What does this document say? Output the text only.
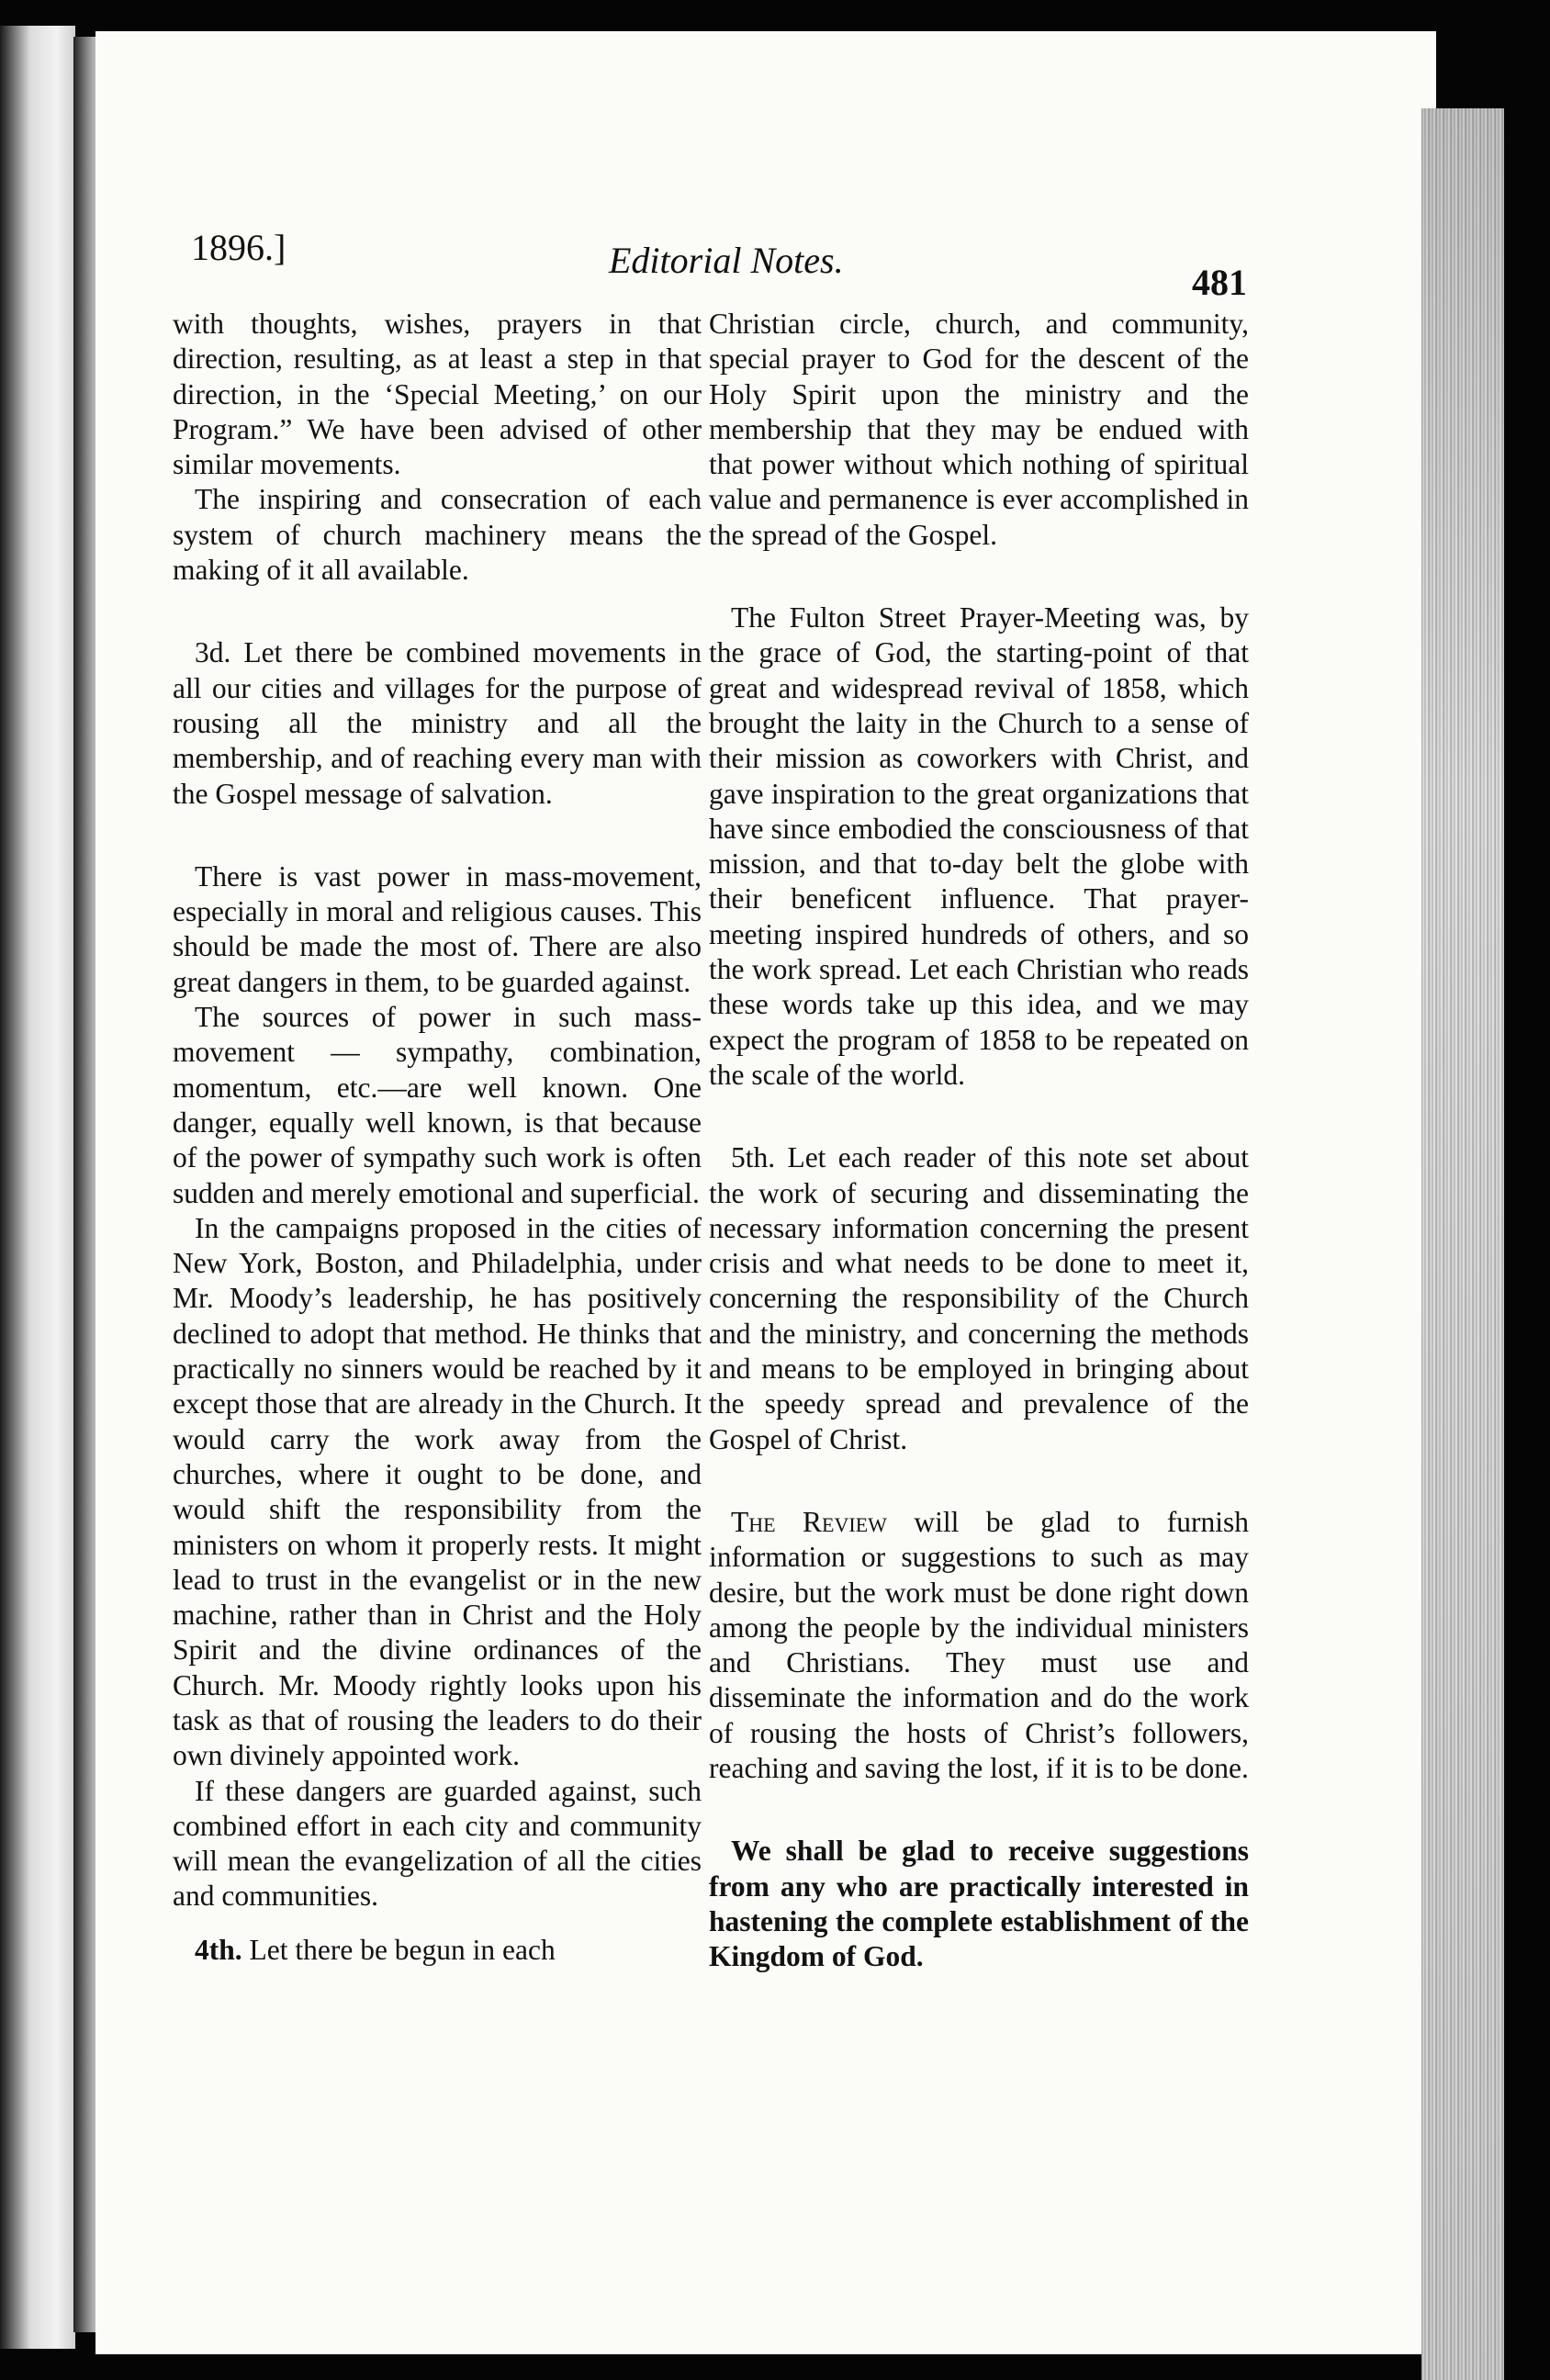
1896.]	Editorial Notes.
481

with thoughts, wishes, prayers in that direction, resulting, as at least a step in that direction, in the ‘Special Meeting,’ on our Program.” We have been advised of other similar movements.

The inspiring and consecration of each system of church machinery means the making of it all available.

3d. Let there be combined movements in all our cities and villages for the purpose of rousing all the ministry and all the membership, and of reaching every man with the Gospel message of salvation.

There is vast power in mass-movement, especially in moral and religious causes. This should be made the most of. There are also great dangers in them, to be guarded against.

The sources of power in such mass-movement — sympathy, combination, momentum, etc.—are well known. One danger, equally well known, is that because of the power of sympathy such work is often sudden and merely emotional and superficial.

In the campaigns proposed in the cities of New York, Boston, and Philadelphia, under Mr. Moody’s leadership, he has positively declined to adopt that method. He thinks that practically no sinners would be reached by it except those that are already in the Church. It would carry the work away from the churches, where it ought to be done, and would shift the responsibility from the ministers on whom it properly rests. It might lead to trust in the evangelist or in the new machine, rather than in Christ and the Holy Spirit and the divine ordinances of the Church. Mr. Moody rightly looks upon his task as that of rousing the leaders to do their own divinely appointed work.

If these dangers are guarded against, such combined effort in each city and community will mean the evangelization of all the cities and communities.

4th. Let there be begun in each

Christian circle, church, and community, special prayer to God for the descent of the Holy Spirit upon the ministry and the membership that they may be endued with that power without which nothing of spiritual value and permanence is ever accomplished in the spread of the Gospel.

The Fulton Street Prayer-Meeting was, by the grace of God, the starting-point of that great and widespread revival of 1858, which brought the laity in the Church to a sense of their mission as coworkers with Christ, and gave inspiration to the great organizations that have since embodied the consciousness of that mission, and that to-day belt the globe with their beneficent influence. That prayer-meeting inspired hundreds of others, and so the work spread. Let each Christian who reads these words take up this idea, and we may expect the program of 1858 to be repeated on the scale of the world.

5th. Let each reader of this note set about the work of securing and disseminating the necessary information concerning the present crisis and what needs to be done to meet it, concerning the responsibility of the Church and the ministry, and concerning the methods and means to be employed in bringing about the speedy spread and prevalence of the Gospel of Christ.

The Review will be glad to furnish information or suggestions to such as may desire, but the work must be done right down among the people by the individual ministers and Christians. They must use and disseminate the information and do the work of rousing the hosts of Christ’s followers, reaching and saving the lost, if it is to be done.

We shall be glad to receive suggestions from any who are practically interested in hastening the complete establishment of the Kingdom of God.
